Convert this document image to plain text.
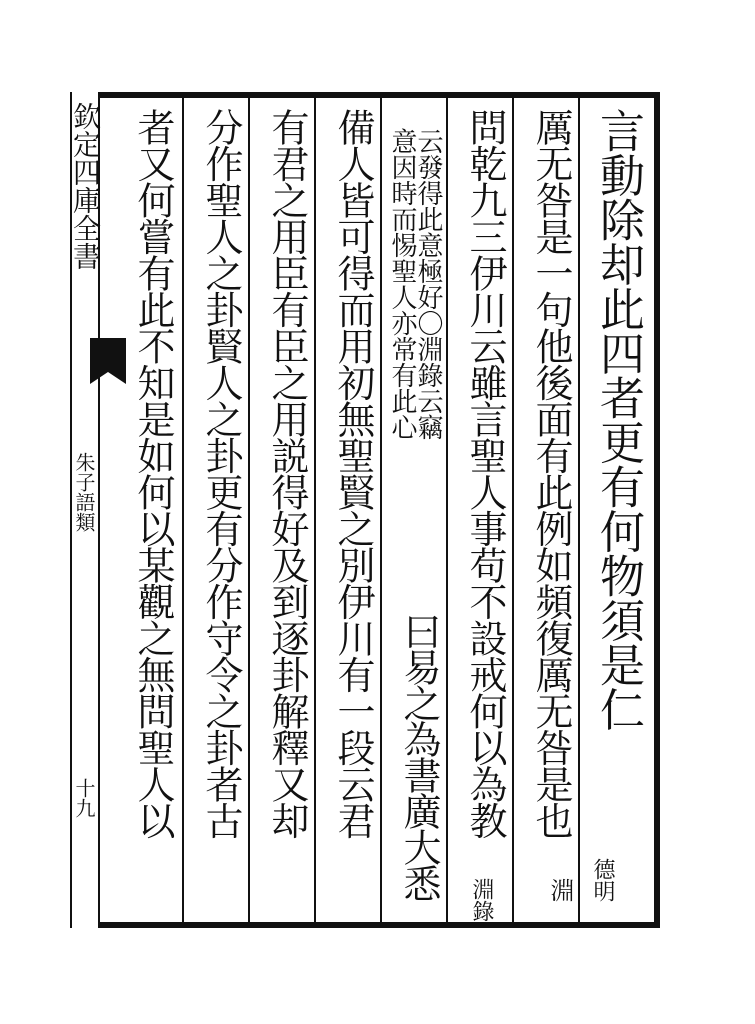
欽定四庫全書
朱子語類
十九
言動除却此四者更有何物須是仁
德明
厲无咎是一句他後面有此例如頻復厲无咎是也
淵
問乾九三伊川云雖言聖人事苟不設戒何以為教
淵錄
云發得此意極好〇淵錄云竊
意因時而惕聖人亦常有此心
曰易之為書廣大悉
備人皆可得而用初無聖賢之別伊川有一段云君
有君之用臣有臣之用説得好及到逐卦解釋又却
分作聖人之卦賢人之卦更有分作守令之卦者古
者又何嘗有此不知是如何以某觀之無問聖人以
